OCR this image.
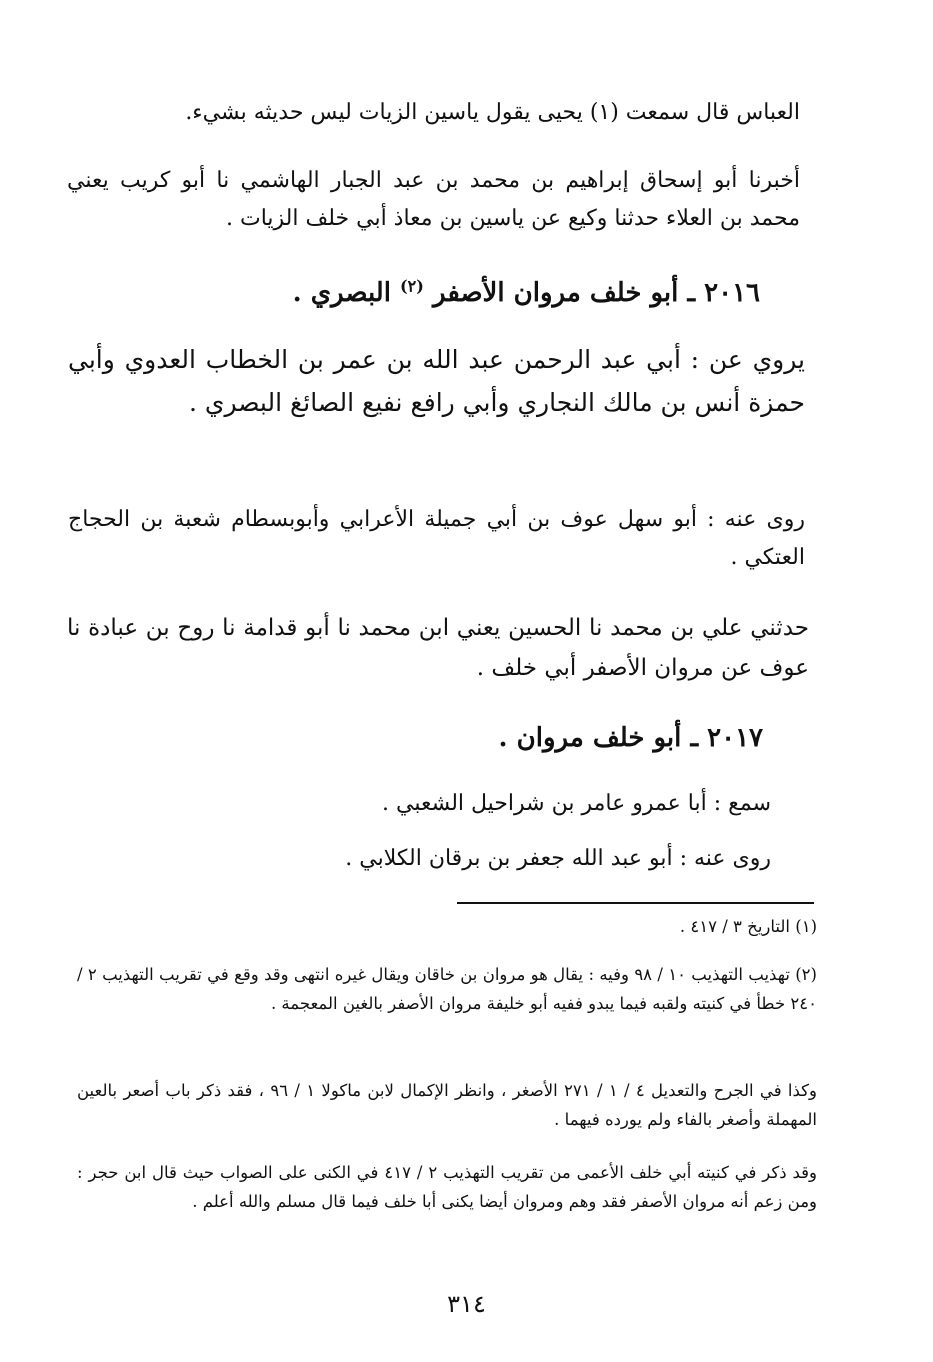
العباس قال سمعت (١) يحيى يقول ياسين الزيات ليس حديثه بشيء.

أخبرنا أبو إسحاق إبراهيم بن محمد بن عبد الجبار الهاشمي نا أبو كريب يعني محمد بن العلاء حدثنا وكيع عن ياسين بن معاذ أبي خلف الزيات .

٢٠١٦ ـ أبو خلف مروان الأصفر $^{(٢)}$ البصري .

يروي عن : أبي عبد الرحمن عبد الله بن عمر بن الخطاب العدوي وأبي حمزة أنس بن مالك النجاري وأبي رافع نفيع الصائغ البصري .

روى عنه : أبو سهل عوف بن أبي جميلة الأعرابي وأبوبسطام شعبة بن الحجاج العتكي .

حدثني علي بن محمد نا الحسين يعني ابن محمد نا أبو قدامة نا روح بن عبادة نا عوف عن مروان الأصفر أبي خلف .

٢٠١٧ ـ أبو خلف مروان .

سمع : أبا عمرو عامر بن شراحيل الشعبي .

روى عنه : أبو عبد الله جعفر بن برقان الكلابي .

(١) التاريخ ٣ / ٤١٧ .

(٢) تهذيب التهذيب ١٠ / ٩٨ وفيه : يقال هو مروان بن خاقان ويقال غيره انتهى وقد وقع في تقريب التهذيب ٢ / ٢٤٠ خطأ في كنيته ولقبه فيما يبدو ففيه أبو خليفة مروان الأصفر بالغين المعجمة .

وكذا في الجرح والتعديل ٤ / ١ / ٢٧١ الأصغر ، وانظر الإكمال لابن ماكولا ١ / ٩٦ ، فقد ذكر باب أصعر بالعين المهملة وأصغر بالفاء ولم يورده فيهما .

وقد ذكر في كنيته أبي خلف الأعمى من تقريب التهذيب ٢ / ٤١٧ في الكنى على الصواب حيث قال ابن حجر : ومن زعم أنه مروان الأصفر فقد وهم ومروان أيضا يكنى أبا خلف فيما قال مسلم والله أعلم .

٣١٤
